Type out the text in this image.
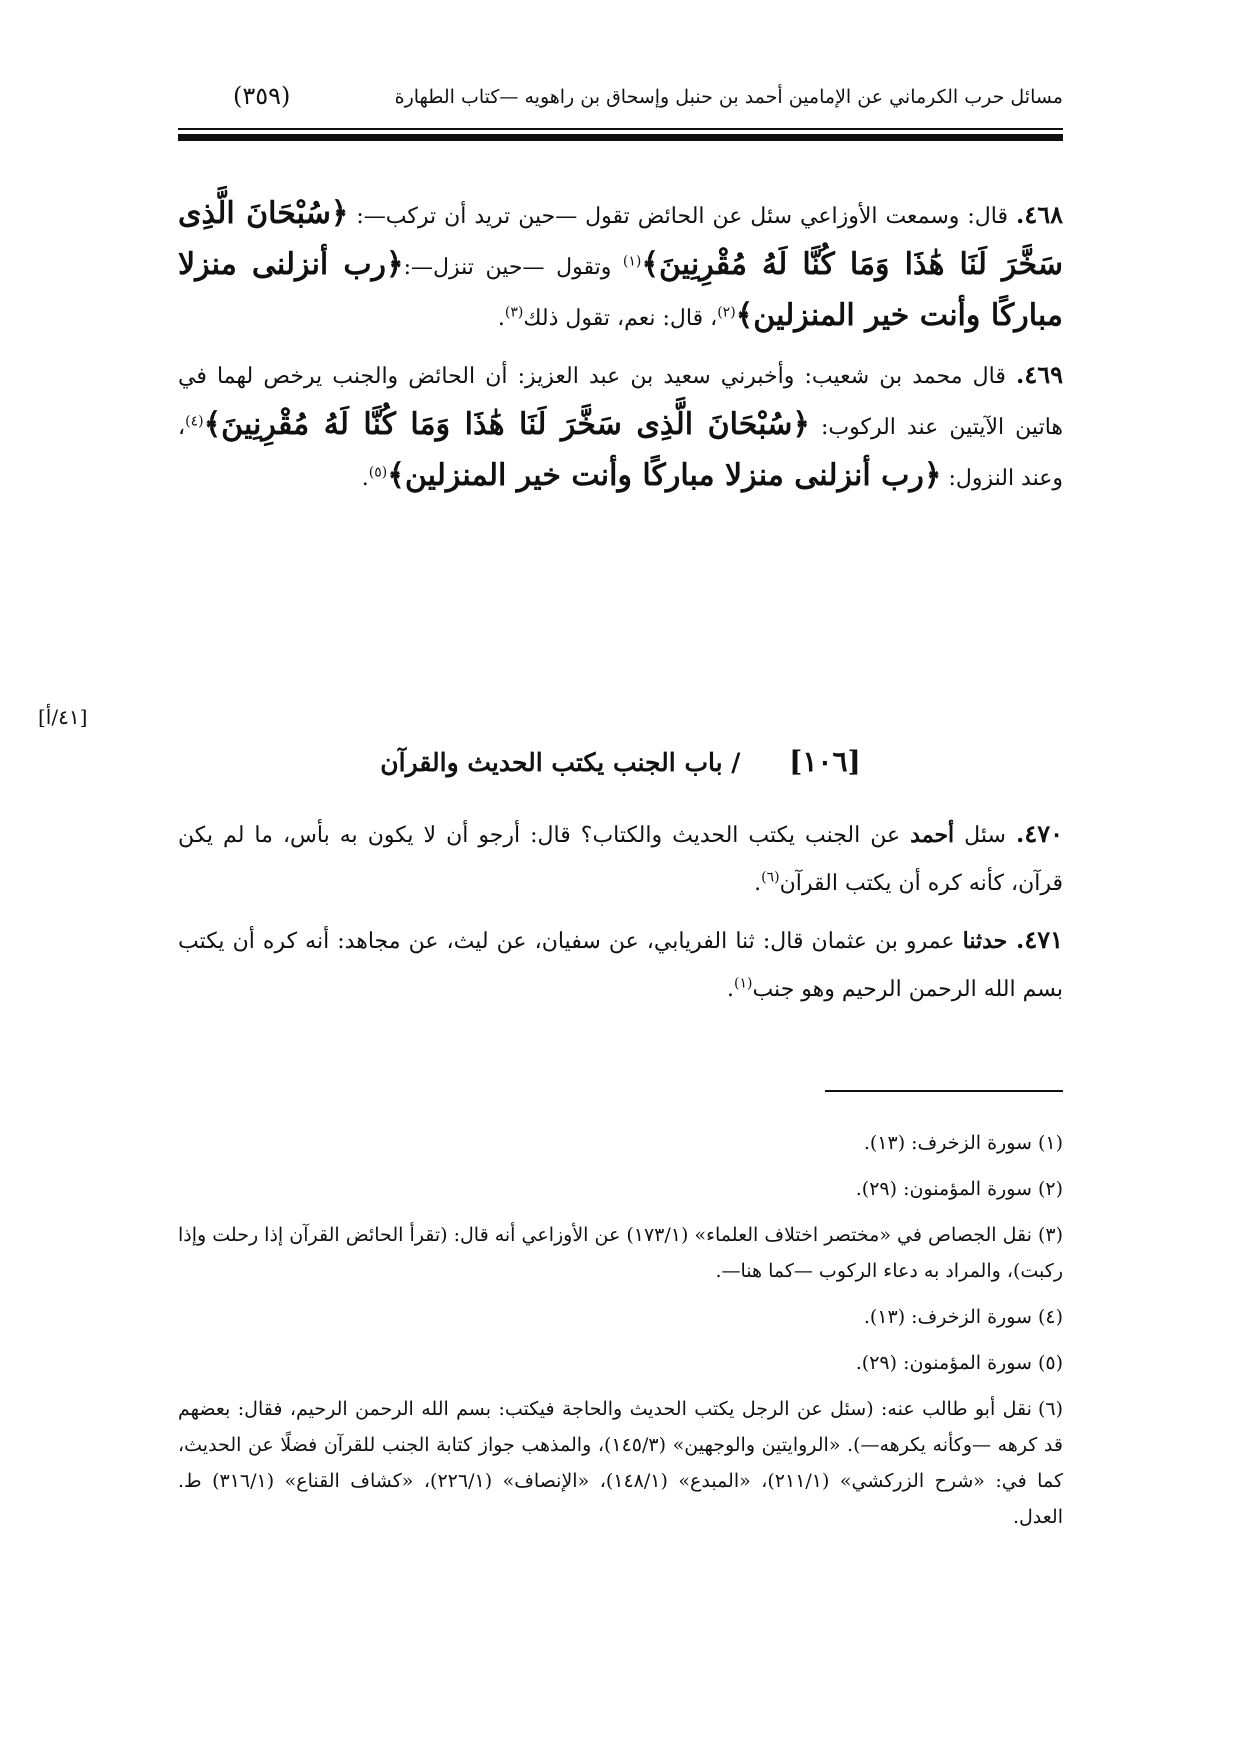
مسائل حرب الكرماني عن الإمامين أحمد بن حنبل وإسحاق بن راهويه —كتاب الطهارة
(٣٥٩)

٤٦٨. قال: وسمعت الأوزاعي سئل عن الحائض تقول —حين تريد أن تركب—: ﴿سُبْحَانَ الَّذِى سَخَّرَ لَنَا هَٰذَا وَمَا كُنَّا لَهُ مُقْرِنِينَ﴾$^{(١)}$ وتقول —حين تنزل—:﴿رب أنزلنى منزلا مباركًا وأنت خير المنزلين﴾$^{(٢)}$، قال: نعم، تقول ذلك$^{(٣)}$.

٤٦٩. قال محمد بن شعيب: وأخبرني سعيد بن عبد العزيز: أن الحائض والجنب يرخص لهما في هاتين الآيتين عند الركوب: ﴿سُبْحَانَ الَّذِى سَخَّرَ لَنَا هَٰذَا وَمَا كُنَّا لَهُ مُقْرِنِينَ﴾$^{(٤)}$، وعند النزول: ﴿رب أنزلنى منزلا مباركًا وأنت خير المنزلين﴾$^{(٥)}$.

[٤١/أ]
[١٠٦] / باب الجنب يكتب الحديث والقرآن

٤٧٠. سئل أحمد عن الجنب يكتب الحديث والكتاب؟ قال: أرجو أن لا يكون به بأس، ما لم يكن قرآن، كأنه كره أن يكتب القرآن$^{(٦)}$.

٤٧١. حدثنا عمرو بن عثمان قال: ثنا الفريابي، عن سفيان، عن ليث، عن مجاهد: أنه كره أن يكتب بسم الله الرحمن الرحيم وهو جنب$^{(١)}$.

(١)سورة الزخرف: (١٣).

(٢)سورة المؤمنون: (٢٩).

(٣)نقل الجصاص في «مختصر اختلاف العلماء» (١٧٣/١) عن الأوزاعي أنه قال: (تقرأ الحائض القرآن إذا رحلت وإذا ركبت)، والمراد به دعاء الركوب —كما هنا—.

(٤)سورة الزخرف: (١٣).

(٥)سورة المؤمنون: (٢٩).

(٦)نقل أبو طالب عنه: (سئل عن الرجل يكتب الحديث والحاجة فيكتب: بسم الله الرحمن الرحيم، فقال: بعضهم قد كرهه —وكأنه يكرهه—). «الروايتين والوجهين» (١٤٥/٣)، والمذهب جواز كتابة الجنب للقرآن فضلًا عن الحديث، كما في: «شرح الزركشي» (٢١١/١)، «المبدع» (١٤٨/١)، «الإنصاف» (٢٢٦/١)، «كشاف القناع» (٣١٦/١) ط. العدل.
